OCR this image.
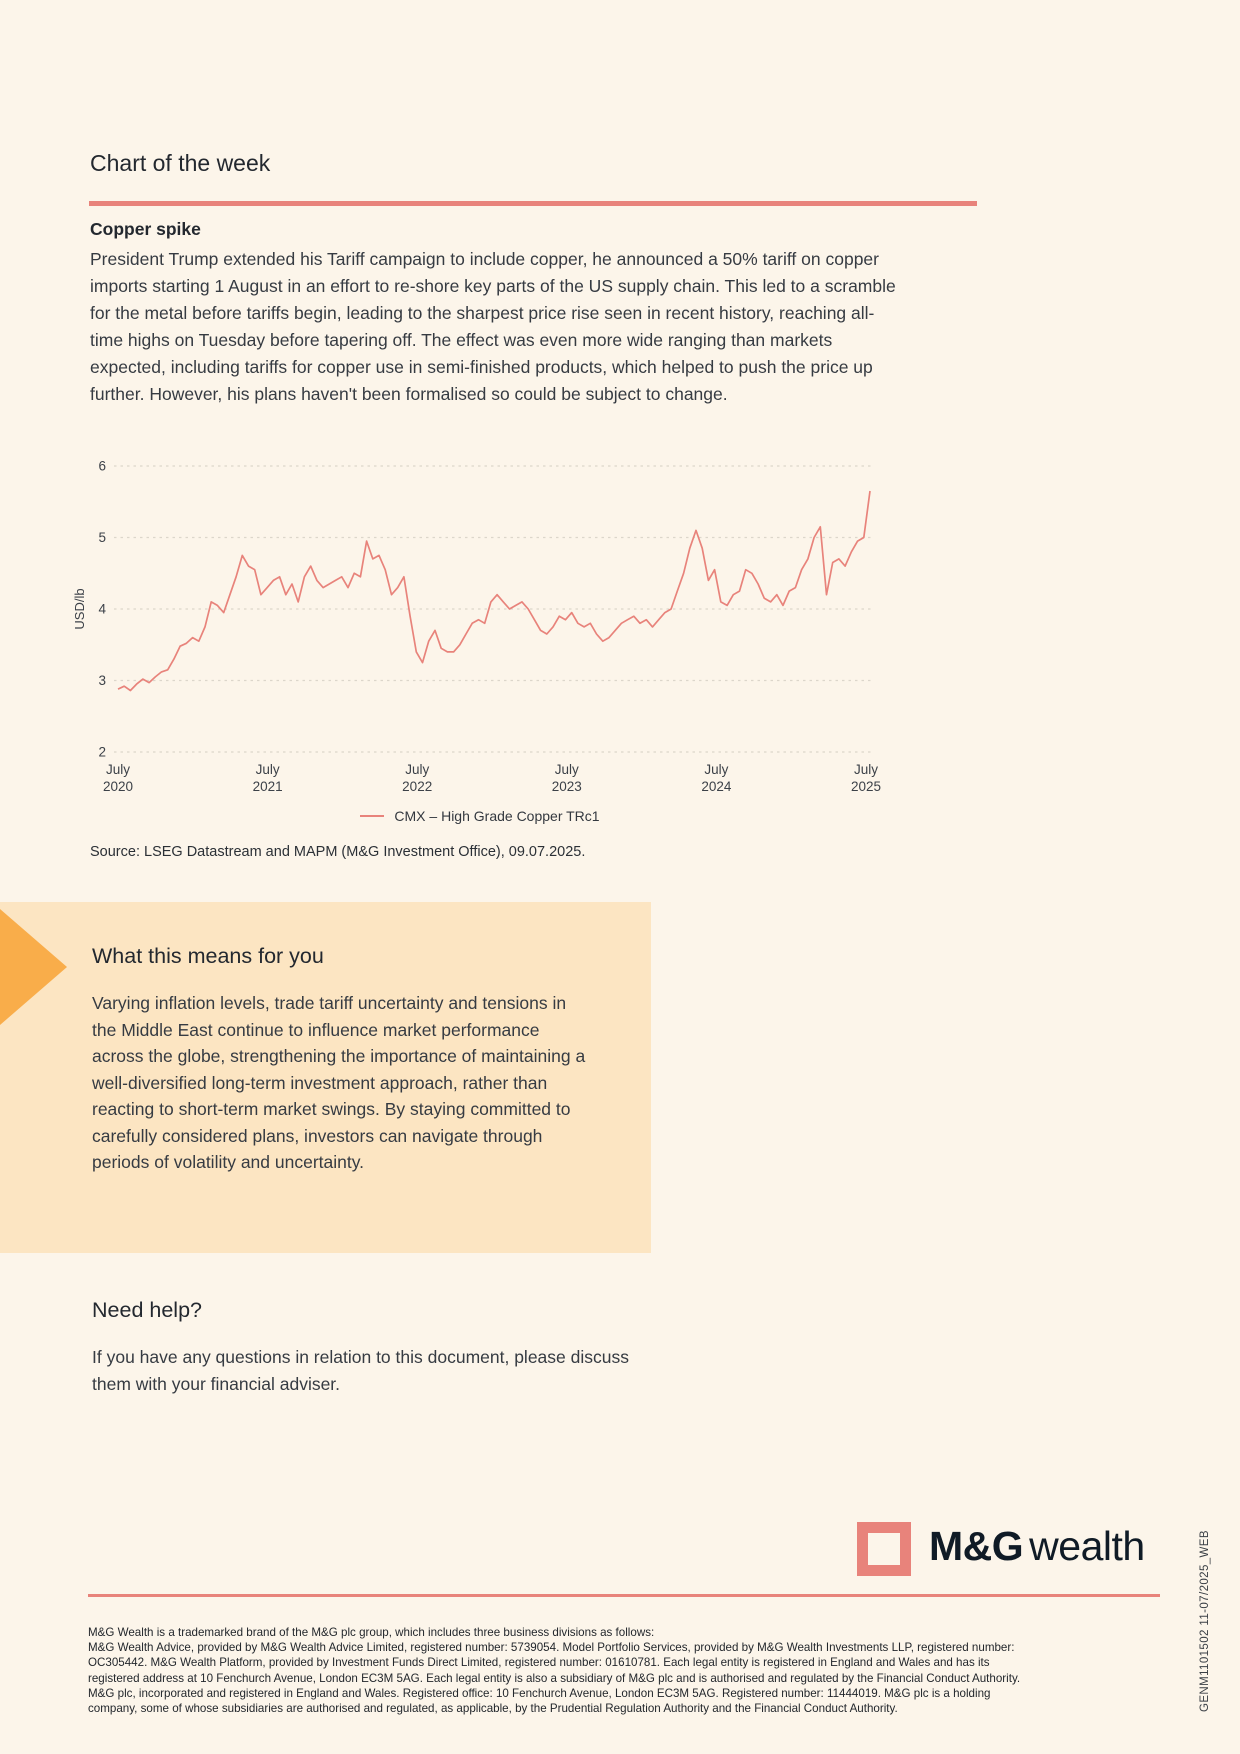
Chart of the week
Copper spike
President Trump extended his Tariff campaign to include copper, he announced a 50% tariff on copper imports starting 1 August in an effort to re-shore key parts of the US supply chain. This led to a scramble for the metal before tariffs begin, leading to the sharpest price rise seen in recent history, reaching all-time highs on Tuesday before tapering off. The effect was even more wide ranging than markets expected, including tariffs for copper use in semi-finished products, which helped to push the price up further. However, his plans haven't been formalised so could be subject to change.
2
3
4
5
6
USD/lb
July 2020
July 2021
July 2022
July 2023
July 2024
July 2025
CMX – High Grade Copper TRc1
Source: LSEG Datastream and MAPM (M&G Investment Office), 09.07.2025.
What this means for you
Varying inflation levels, trade tariff uncertainty and tensions in the Middle East continue to influence market performance across the globe, strengthening the importance of maintaining a well-diversified long-term investment approach, rather than reacting to short-term market swings. By staying committed to carefully considered plans, investors can navigate through periods of volatility and uncertainty.
Need help?
If you have any questions in relation to this document, please discuss them with your financial adviser.
M&G wealth
M&G Wealth is a trademarked brand of the M&G plc group, which includes three business divisions as follows:
M&G Wealth Advice, provided by M&G Wealth Advice Limited, registered number: 5739054. Model Portfolio Services, provided by M&G Wealth Investments LLP, registered number:
OC305442. M&G Wealth Platform, provided by Investment Funds Direct Limited, registered number: 01610781. Each legal entity is registered in England and Wales and has its
registered address at 10 Fenchurch Avenue, London EC3M 5AG. Each legal entity is also a subsidiary of M&G plc and is authorised and regulated by the Financial Conduct Authority.
M&G plc, incorporated and registered in England and Wales. Registered office: 10 Fenchurch Avenue, London EC3M 5AG. Registered number: 11444019. M&G plc is a holding
company, some of whose subsidiaries are authorised and regulated, as applicable, by the Prudential Regulation Authority and the Financial Conduct Authority.	GENM1101502 11-07/2025_WEB
